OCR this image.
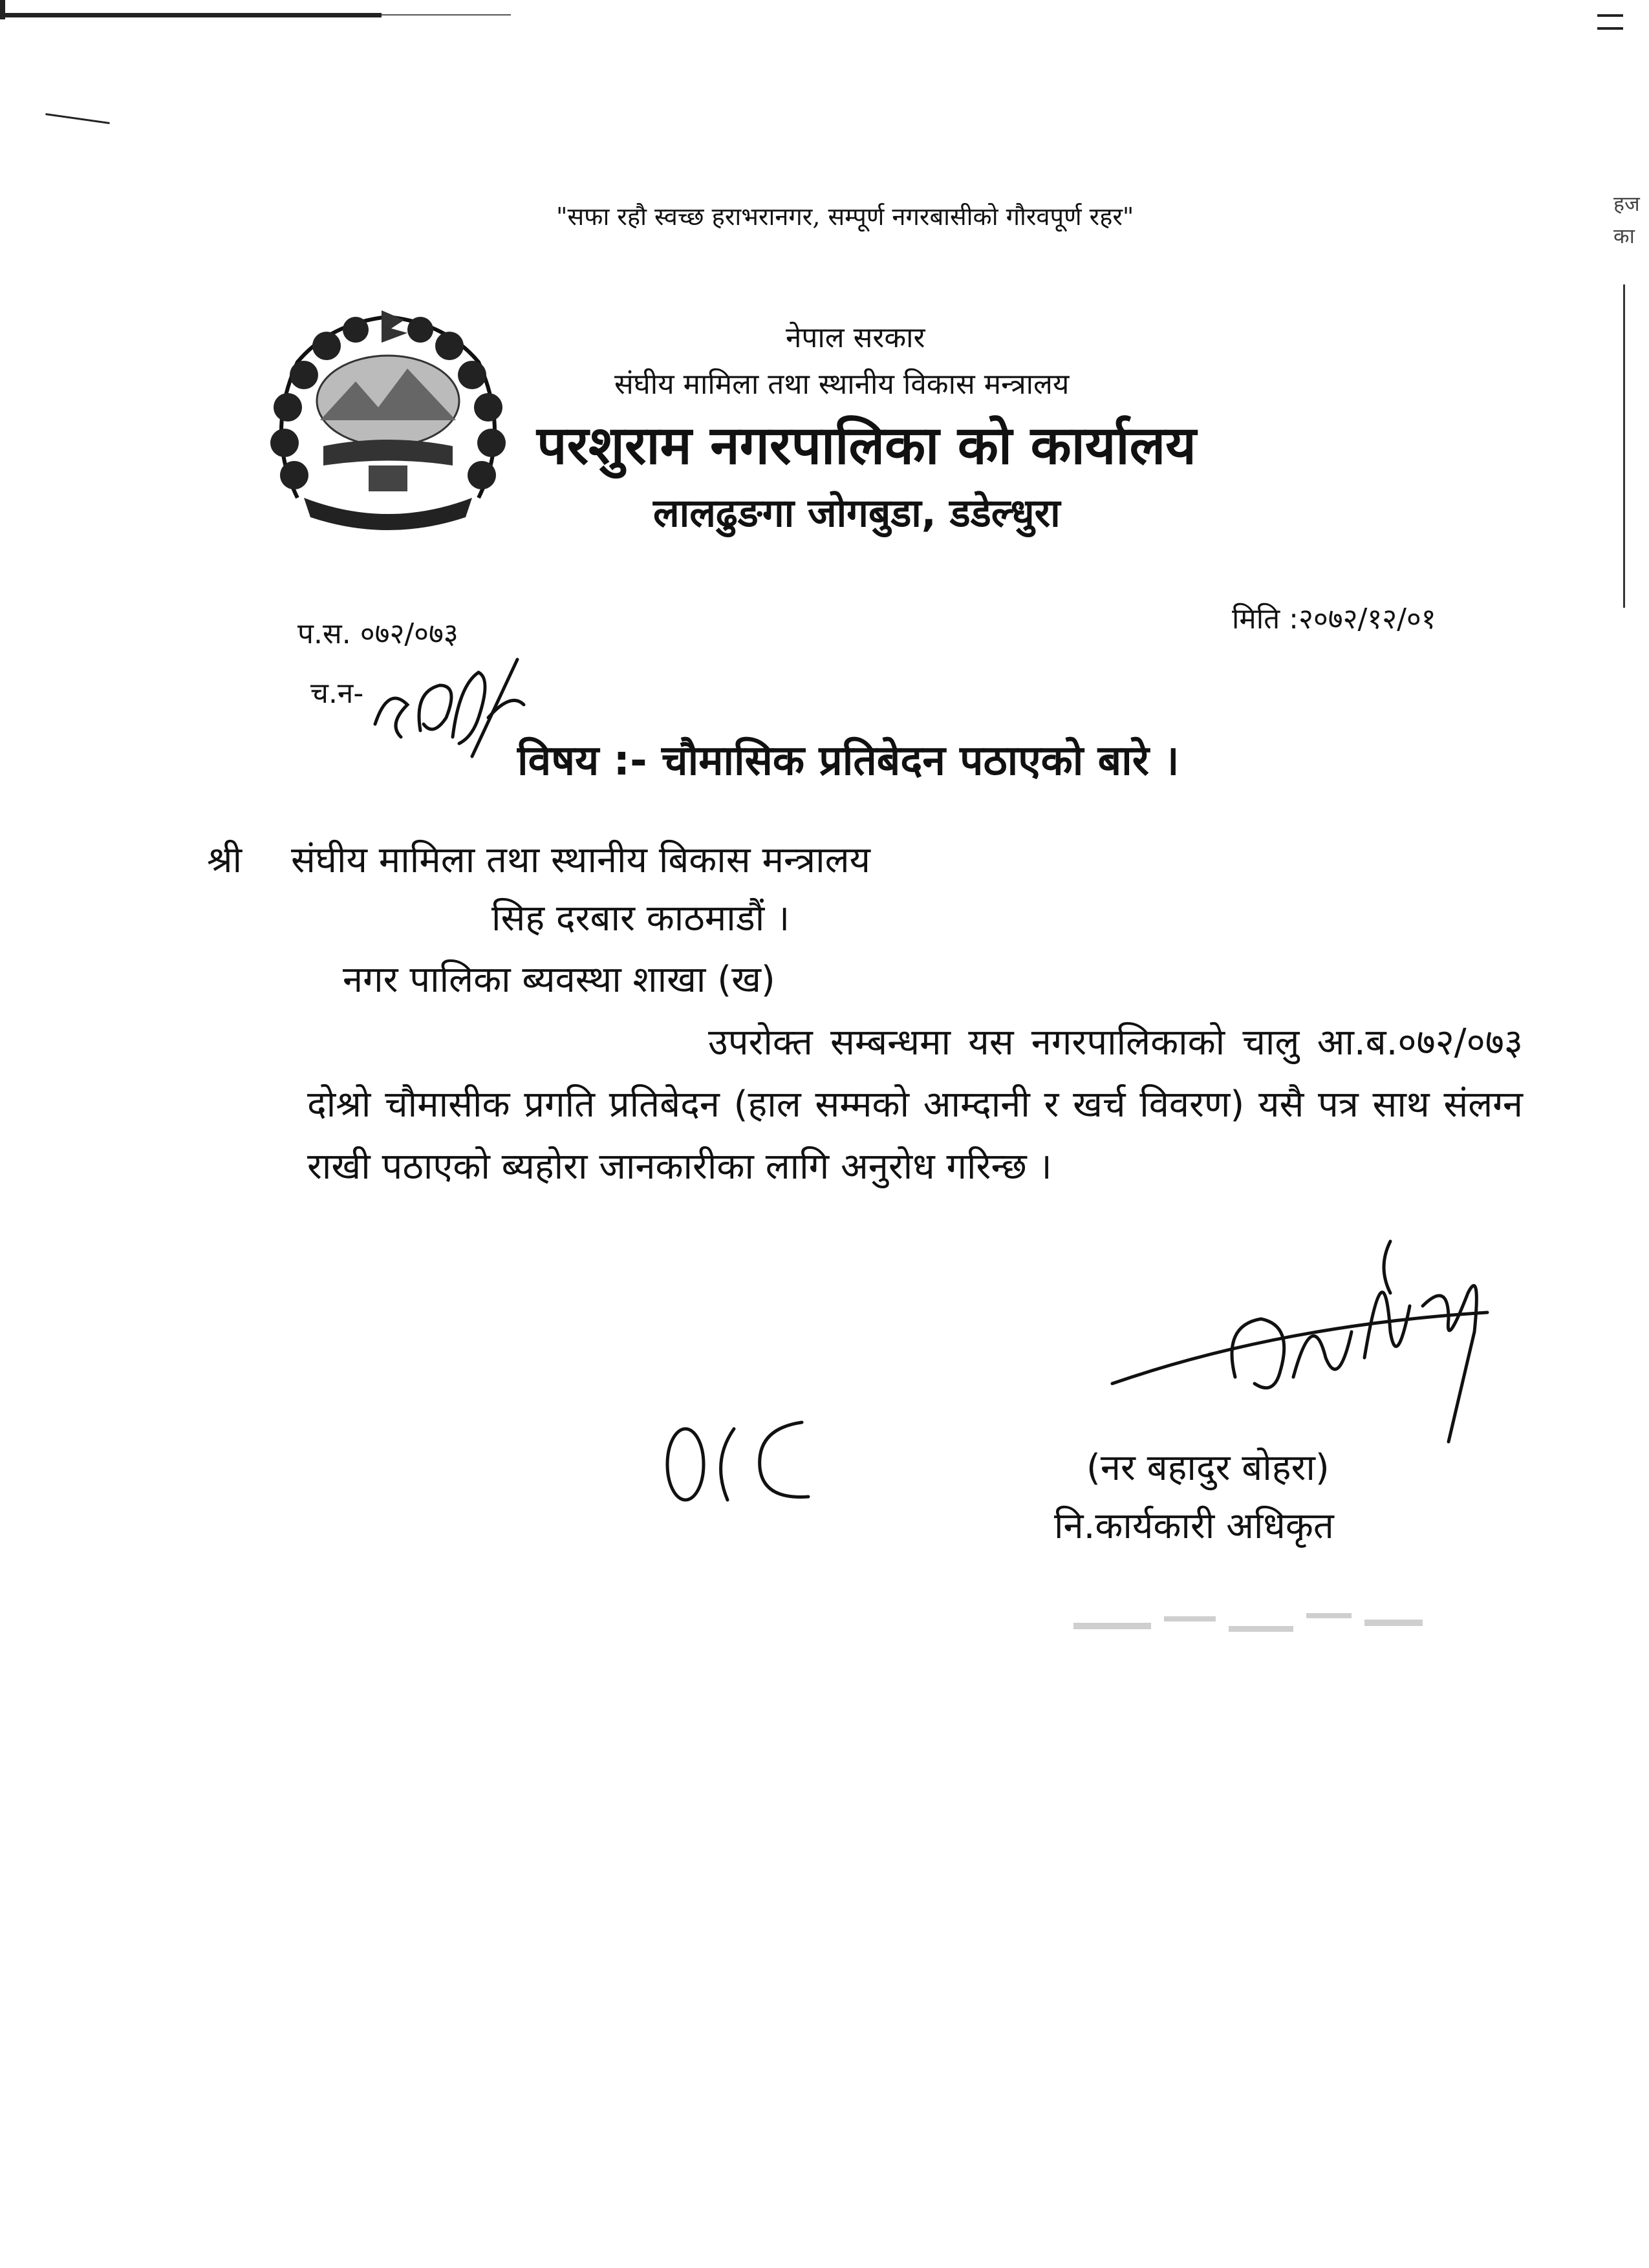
हज का

"सफा रहौ स्वच्छ हराभरानगर, सम्पूर्ण नगरबासीको गौरवपूर्ण रहर"

नेपाल सरकार

संघीय मामिला तथा स्थानीय विकास मन्त्रालय

परशुराम नगरपालिका को कार्यालय

लालढुङगा जोगबुडा, डडेल्धुरा

प.स. ०७२/०७३	मिति :२०७२/१२/०१

च.न-

विषय :- चौमासिक प्रतिबेदन पठाएको बारे ।

श्री संघीय मामिला तथा स्थानीय बिकास मन्त्रालय

सिह दरबार काठमाडौं ।

नगर पालिका ब्यवस्था शाखा (ख)

उपरोक्त सम्बन्धमा यस नगरपालिकाको चालु आ.ब.०७२/०७३ दोश्रो चौमासीक प्रगति प्रतिबेदन (हाल सम्मको आम्दानी र खर्च विवरण) यसै पत्र साथ संलग्न राखी पठाएको ब्यहोरा जानकारीका लागि अनुरोध गरिन्छ ।

(नर बहादुर बोहरा)

नि.कार्यकारी अधिकृत
